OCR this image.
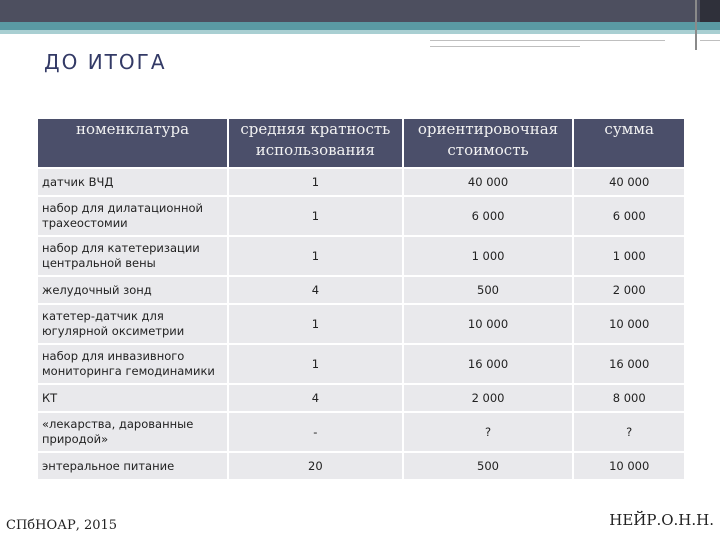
ДО ИТОГА
номенклатура	средняя кратность использования	ориентировочная стоимость	сумма
датчик ВЧД	1	40 000	40 000
набор для дилатационной трахеостомии	1	6 000	6 000
набор для катетеризации центральной вены	1	1 000	1 000
желудочный зонд	4	500	2 000
катетер-датчик для югулярной оксиметрии	1	10 000	10 000
набор для инвазивного мониторинга гемодинамики	1	16 000	16 000
КТ	4	2 000	8 000
«лекарства, дарованные природой»	-	?	?
энтеральное питание	20	500	10 000
СПбНОАР, 2015	НЕЙР.О.Н.Н.
